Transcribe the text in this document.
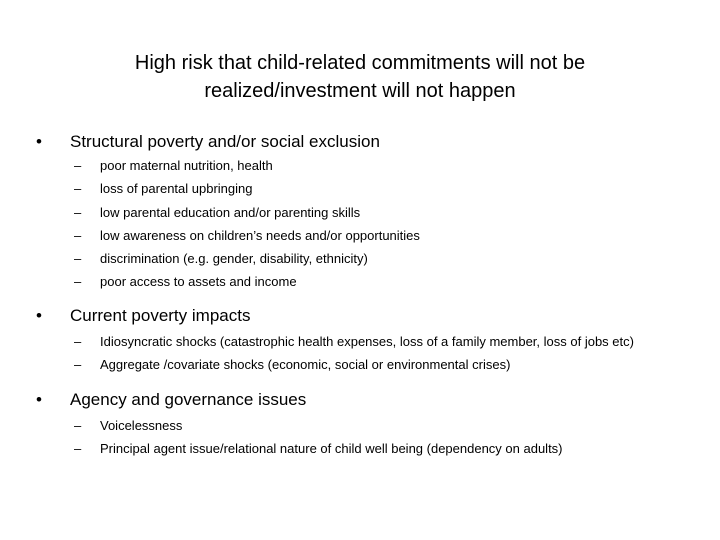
High risk that child-related commitments will not be
realized/investment will not happen
•	Structural poverty and/or social exclusion
–	poor maternal nutrition, health
–	loss of parental upbringing
–	low parental education and/or parenting skills
–	low awareness on children’s needs and/or opportunities
–	discrimination (e.g. gender, disability, ethnicity)
–	poor access to assets and income
•	Current poverty impacts
–	Idiosyncratic shocks (catastrophic health expenses, loss of a family member, loss of jobs etc)
–	Aggregate /covariate shocks (economic, social or environmental crises)
•	Agency and governance issues
–	Voicelessness
–	Principal agent issue/relational nature of child well being (dependency on adults)
